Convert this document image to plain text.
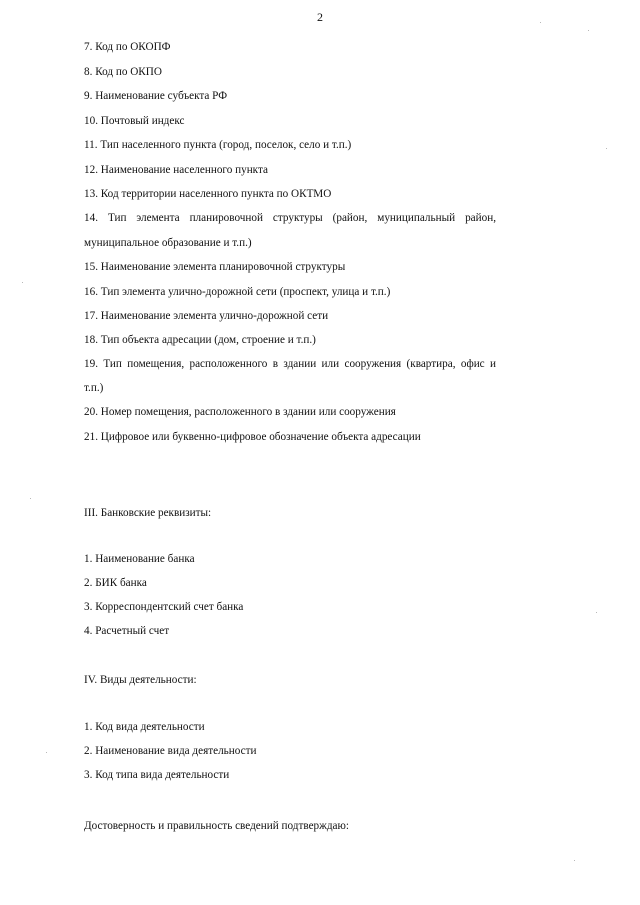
2
7. Код по ОКОПФ
8. Код по ОКПО
9. Наименование субъекта РФ
10. Почтовый индекс
11. Тип населенного пункта (город, поселок, село и т.п.)
12. Наименование населенного пункта
13. Код территории населенного пункта по ОКТМО
14. Тип элемента планировочной структуры (район, муниципальный район,
муниципальное образование и т.п.)
15. Наименование элемента планировочной структуры
16. Тип элемента улично-дорожной сети (проспект, улица и т.п.)
17. Наименование элемента улично-дорожной сети
18. Тип объекта адресации (дом, строение и т.п.)
19. Тип помещения, расположенного в здании или сооружения (квартира, офис и
т.п.)
20. Номер помещения, расположенного в здании или сооружения
21. Цифровое или буквенно-цифровое обозначение объекта адресации
III. Банковские реквизиты:
1. Наименование банка
2. БИК банка
3. Корреспондентский счет банка
4. Расчетный счет
IV. Виды деятельности:
1. Код вида деятельности
2. Наименование вида деятельности
3. Код типа вида деятельности
Достоверность и правильность сведений подтверждаю:
